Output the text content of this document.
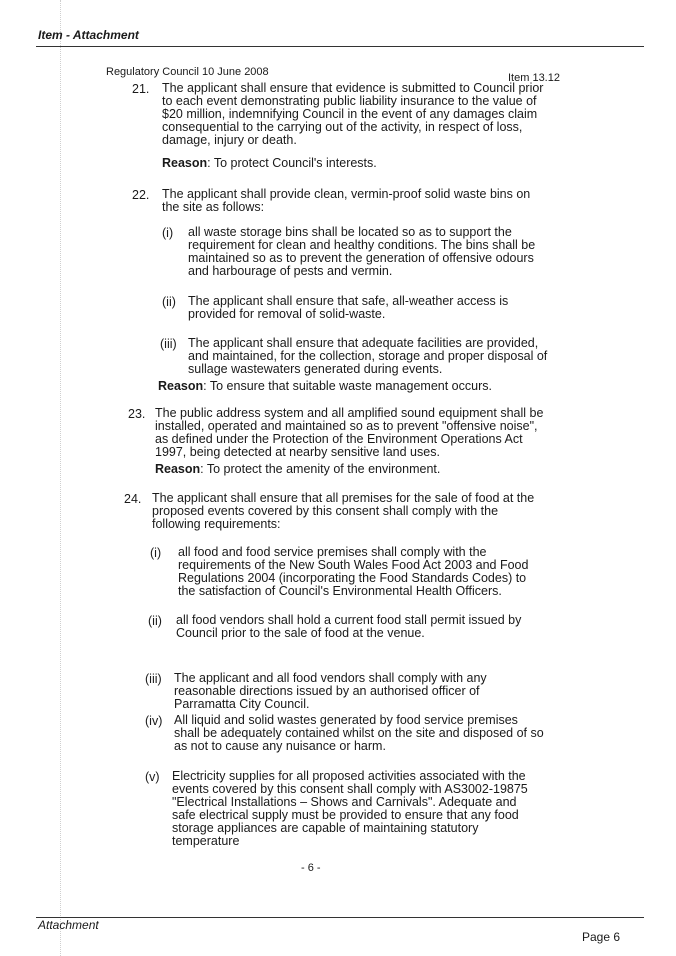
Item - Attachment
Regulatory Council 10 June 2008	Item 13.12
21. The applicant shall ensure that evidence is submitted to Council prior to each event demonstrating public liability insurance to the value of $20 million, indemnifying Council in the event of any damages claim consequential to the carrying out of the activity, in respect of loss, damage, injury or death.
Reason: To protect Council's interests.
22. The applicant shall provide clean, vermin-proof solid waste bins on the site as follows:
(i) all waste storage bins shall be located so as to support the requirement for clean and healthy conditions. The bins shall be maintained so as to prevent the generation of offensive odours and harbourage of pests and vermin.
(ii) The applicant shall ensure that safe, all-weather access is provided for removal of solid-waste.
(iii) The applicant shall ensure that adequate facilities are provided, and maintained, for the collection, storage and proper disposal of sullage wastewaters generated during events.
Reason: To ensure that suitable waste management occurs.
23. The public address system and all amplified sound equipment shall be installed, operated and maintained so as to prevent "offensive noise", as defined under the Protection of the Environment Operations Act 1997, being detected at nearby sensitive land uses.
Reason: To protect the amenity of the environment.
24. The applicant shall ensure that all premises for the sale of food at the proposed events covered by this consent shall comply with the following requirements:
(i) all food and food service premises shall comply with the requirements of the New South Wales Food Act 2003 and Food Regulations 2004 (incorporating the Food Standards Codes) to the satisfaction of Council's Environmental Health Officers.
(ii) all food vendors shall hold a current food stall permit issued by Council prior to the sale of food at the venue.
(iii) The applicant and all food vendors shall comply with any reasonable directions issued by an authorised officer of Parramatta City Council.
(iv) All liquid and solid wastes generated by food service premises shall be adequately contained whilst on the site and disposed of so as not to cause any nuisance or harm.
(v) Electricity supplies for all proposed activities associated with the events covered by this consent shall comply with AS3002-19875 "Electrical Installations – Shows and Carnivals". Adequate and safe electrical supply must be provided to ensure that any food storage appliances are capable of maintaining statutory temperature
- 6 -
Attachment
Page 6
